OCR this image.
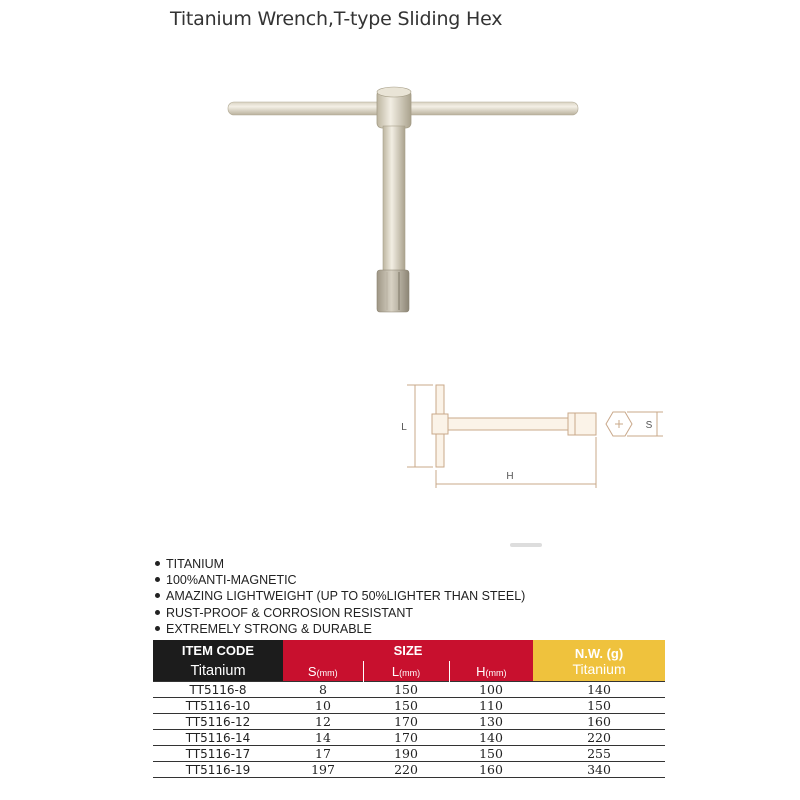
Titanium Wrench,T-type Sliding Hex
L
H
S
TITANIUM
100%ANTI-MAGNETIC
AMAZING LIGHTWEIGHT (UP TO 50%LIGHTER THAN STEEL)
RUST-PROOF & CORROSION RESISTANT
EXTREMELY STRONG & DURABLE
ITEM CODE	SIZE			N.W. (g)
Titanium	S(mm)	L(mm)	H(mm)	Titanium
TT5116-8	8	150	100	140
TT5116-10	10	150	110	150
TT5116-12	12	170	130	160
TT5116-14	14	170	140	220
TT5116-17	17	190	150	255
TT5116-19	197	220	160	340
